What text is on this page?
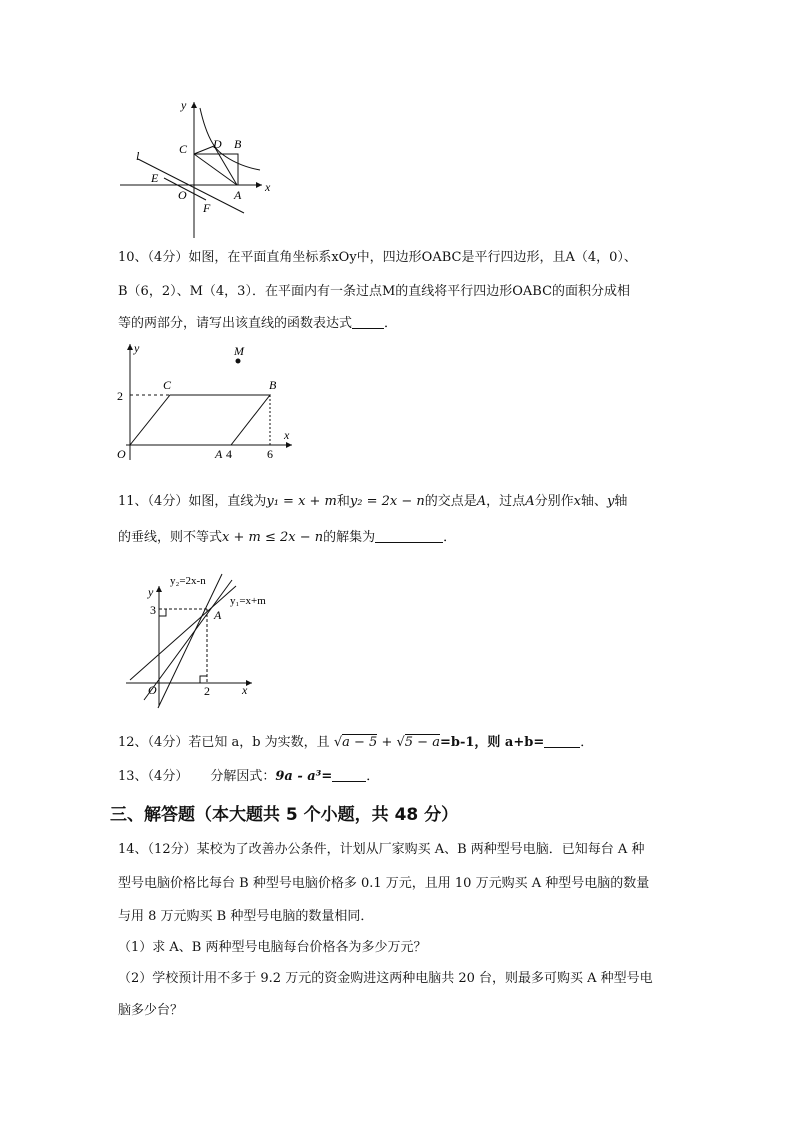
y
x
l	C D B
E
O	A
F
10、（4分）如图，在平面直角坐标系xOy中，四边形OABC是平行四边形，且A（4，0）、
B（6，2）、M（4，3）．在平面内有一条过点M的直线将平行四边形OABC的面积分成相
等的两部分，请写出该直线的函数表达式 ．
y
x
M
C	B
2
O	A 4	6
11、（4分）如图，直线为y₁ = x + m和y₂ = 2x − n的交点是A，过点A分别作x轴、y轴
的垂线，则不等式x + m ≤ 2x − n的解集为	．
y₂=2x-n
y₁=x+m
y
3	A
O	2	x
12、（4分）若已知 a，b 为实数，且 √a − 5 + √5 − a=b-1，则 a+b=	．
13、（4分） 分解因式：9a - a³=	．
三、解答题（本大题共 5 个小题，共 48 分）
14、（12分）某校为了改善办公条件，计划从厂家购买 A、B 两种型号电脑．已知每台 A 种
型号电脑价格比每台 B 种型号电脑价格多 0.1 万元，且用 10 万元购买 A 种型号电脑的数量
与用 8 万元购买 B 种型号电脑的数量相同．
（1）求 A、B 两种型号电脑每台价格各为多少万元？
（2）学校预计用不多于 9.2 万元的资金购进这两种电脑共 20 台，则最多可购买 A 种型号电
脑多少台？
